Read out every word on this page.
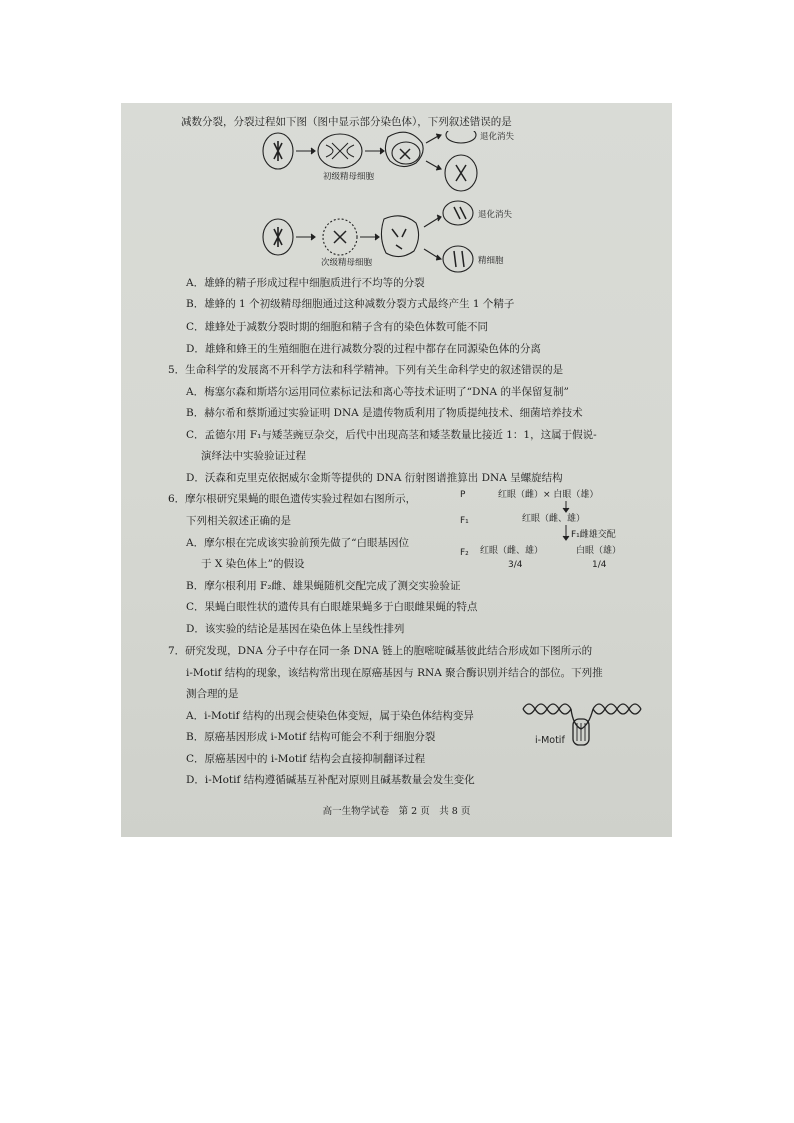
减数分裂，分裂过程如下图（图中显示部分染色体），下列叙述错误的是
初级精母细胞
退化消失
次级精母细胞
退化消失
精细胞
A．雄蜂的精子形成过程中细胞质进行不均等的分裂
B．雄蜂的 1 个初级精母细胞通过这种减数分裂方式最终产生 1 个精子
C．雄蜂处于减数分裂时期的细胞和精子含有的染色体数可能不同
D．雄蜂和蜂王的生殖细胞在进行减数分裂的过程中都存在同源染色体的分离
5．生命科学的发展离不开科学方法和科学精神。下列有关生命科学史的叙述错误的是
A．梅塞尔森和斯塔尔运用同位素标记法和离心等技术证明了“DNA 的半保留复制”
B．赫尔希和蔡斯通过实验证明 DNA 是遗传物质利用了物质提纯技术、细菌培养技术
C．孟德尔用 F₁与矮茎豌豆杂交，后代中出现高茎和矮茎数量比接近 1：1，这属于假说-
演绎法中实验验证过程
D．沃森和克里克依据威尔金斯等提供的 DNA 衍射图谱推算出 DNA 呈螺旋结构
6．摩尔根研究果蝇的眼色遗传实验过程如右图所示，
下列相关叙述正确的是
A．摩尔根在完成该实验前预先做了“白眼基因位
于 X 染色体上”的假设
B．摩尔根利用 F₂雌、雄果蝇随机交配完成了测交实验验证
C．果蝇白眼性状的遗传具有白眼雄果蝇多于白眼雌果蝇的特点
D．该实验的结论是基因在染色体上呈线性排列
P	红眼（雌）× 白眼（雄）
F₁	红眼（雌、雄）
F₁雌雄交配
F₂ 红眼（雌、雄）	白眼（雄）
3/4	1/4
7．研究发现，DNA 分子中存在同一条 DNA 链上的胞嘧啶碱基彼此结合形成如下图所示的
i-Motif 结构的现象，该结构常出现在原癌基因与 RNA 聚合酶识别并结合的部位。下列推
测合理的是
A．i-Motif 结构的出现会使染色体变短，属于染色体结构变异
B．原癌基因形成 i-Motif 结构可能会不利于细胞分裂
C．原癌基因中的 i-Motif 结构会直接抑制翻译过程
D．i-Motif 结构遵循碱基互补配对原则且碱基数量会发生变化
i-Motif
高一生物学试卷　第 2 页　共 8 页
